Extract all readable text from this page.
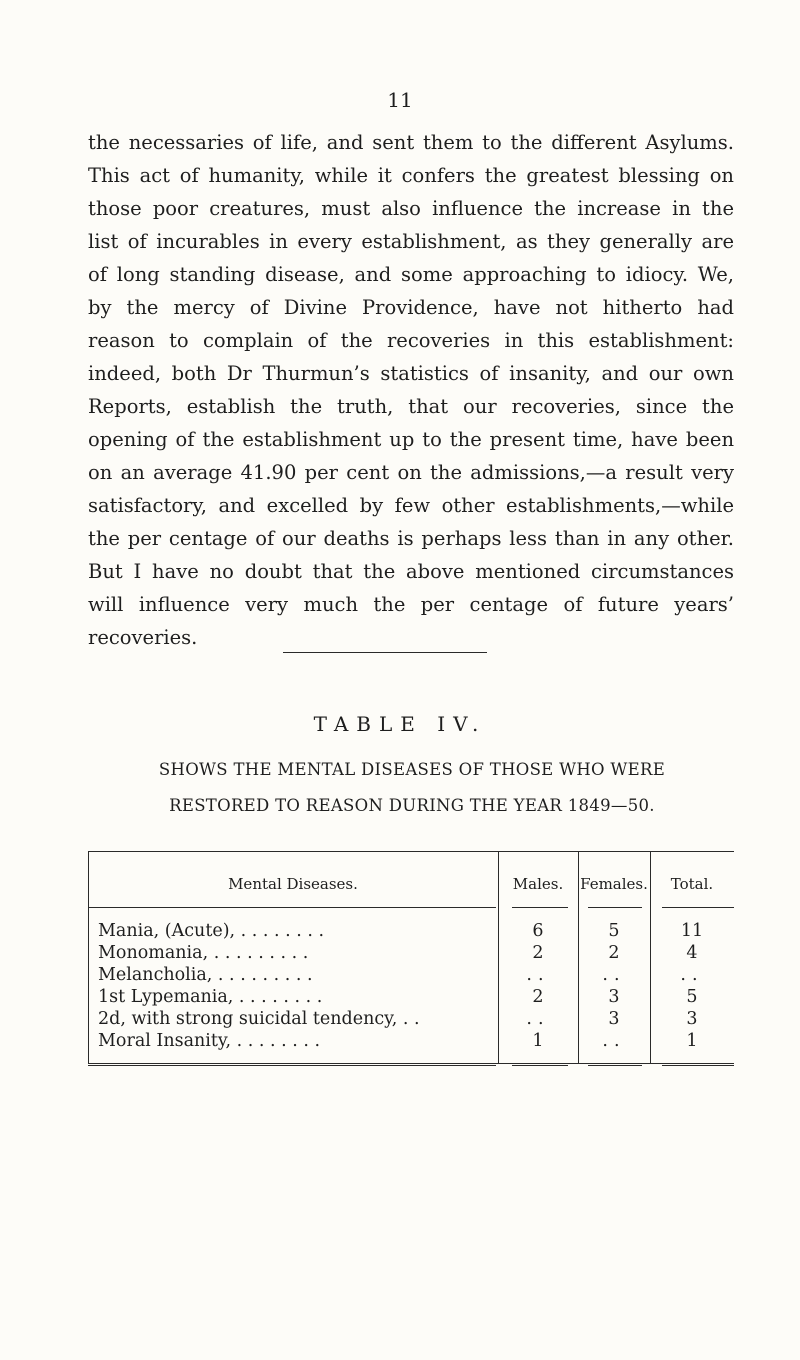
11

the necessaries of life, and sent them to the different Asylums. This act of humanity, while it confers the greatest blessing on those poor creatures, must also influence the increase in the list of incurables in every establishment, as they generally are of long standing disease, and some approaching to idiocy. We, by the mercy of Divine Providence, have not hitherto had reason to complain of the recoveries in this establishment: indeed, both Dr Thurmun’s statistics of insanity, and our own Reports, establish the truth, that our recoveries, since the opening of the establishment up to the present time, have been on an average 41.90 per cent on the admissions,—a result very satisfactory, and excelled by few other establishments,—while the per centage of our deaths is perhaps less than in any other. But I have no doubt that the above mentioned circumstances will influence very much the per centage of future years’ recoveries.

TABLE IV.
SHOWS THE MENTAL DISEASES OF THOSE WHO WERE
RESTORED TO REASON DURING THE YEAR 1849—50.
Mental Diseases.	Males.	Females.	Total.
Mania, (Acute), . . . . . . . .	6	5	11
Monomania, . . . . . . . . .	2	2	4
Melancholia, . . . . . . . . .	..	..	..
1st Lypemania, . . . . . . . .	2	3	5
2d, with strong suicidal tendency, . .	..	3	3
Moral Insanity, . . . . . . . .	1	..	1
